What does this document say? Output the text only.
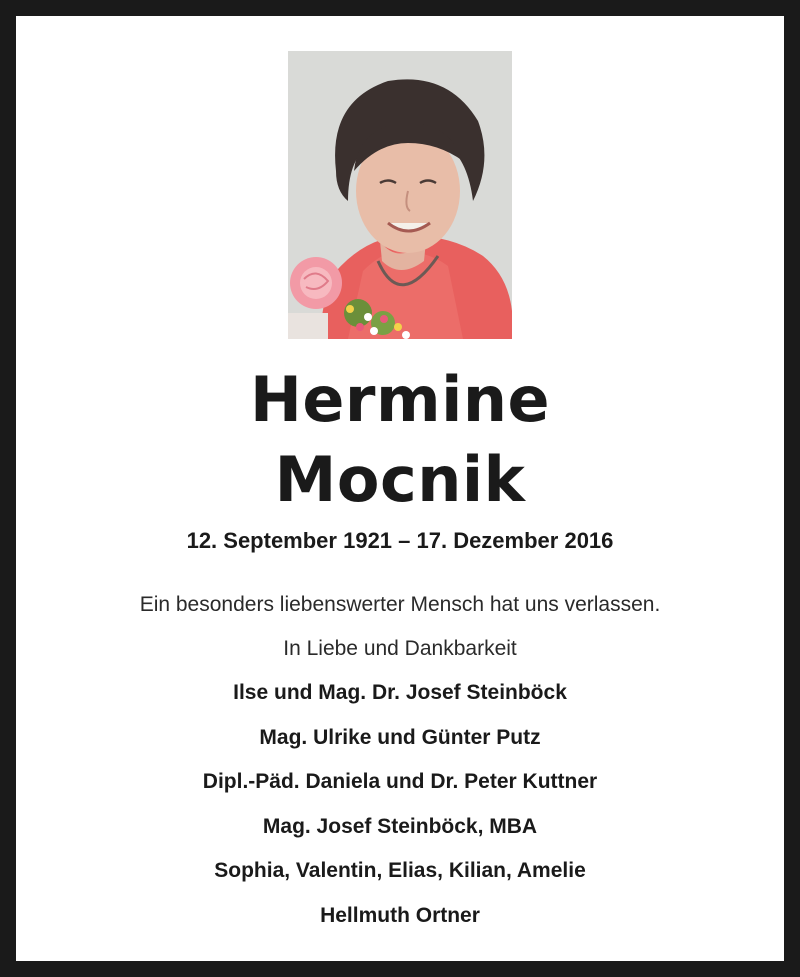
Hermine
Mocnik
12. September 1921 – 17. Dezember 2016
Ein besonders liebenswerter Mensch hat uns verlassen.
In Liebe und Dankbarkeit
Ilse und Mag. Dr. Josef Steinböck
Mag. Ulrike und Günter Putz
Dipl.-Päd. Daniela und Dr. Peter Kuttner
Mag. Josef Steinböck, MBA
Sophia, Valentin, Elias, Kilian, Amelie
Hellmuth Ortner
